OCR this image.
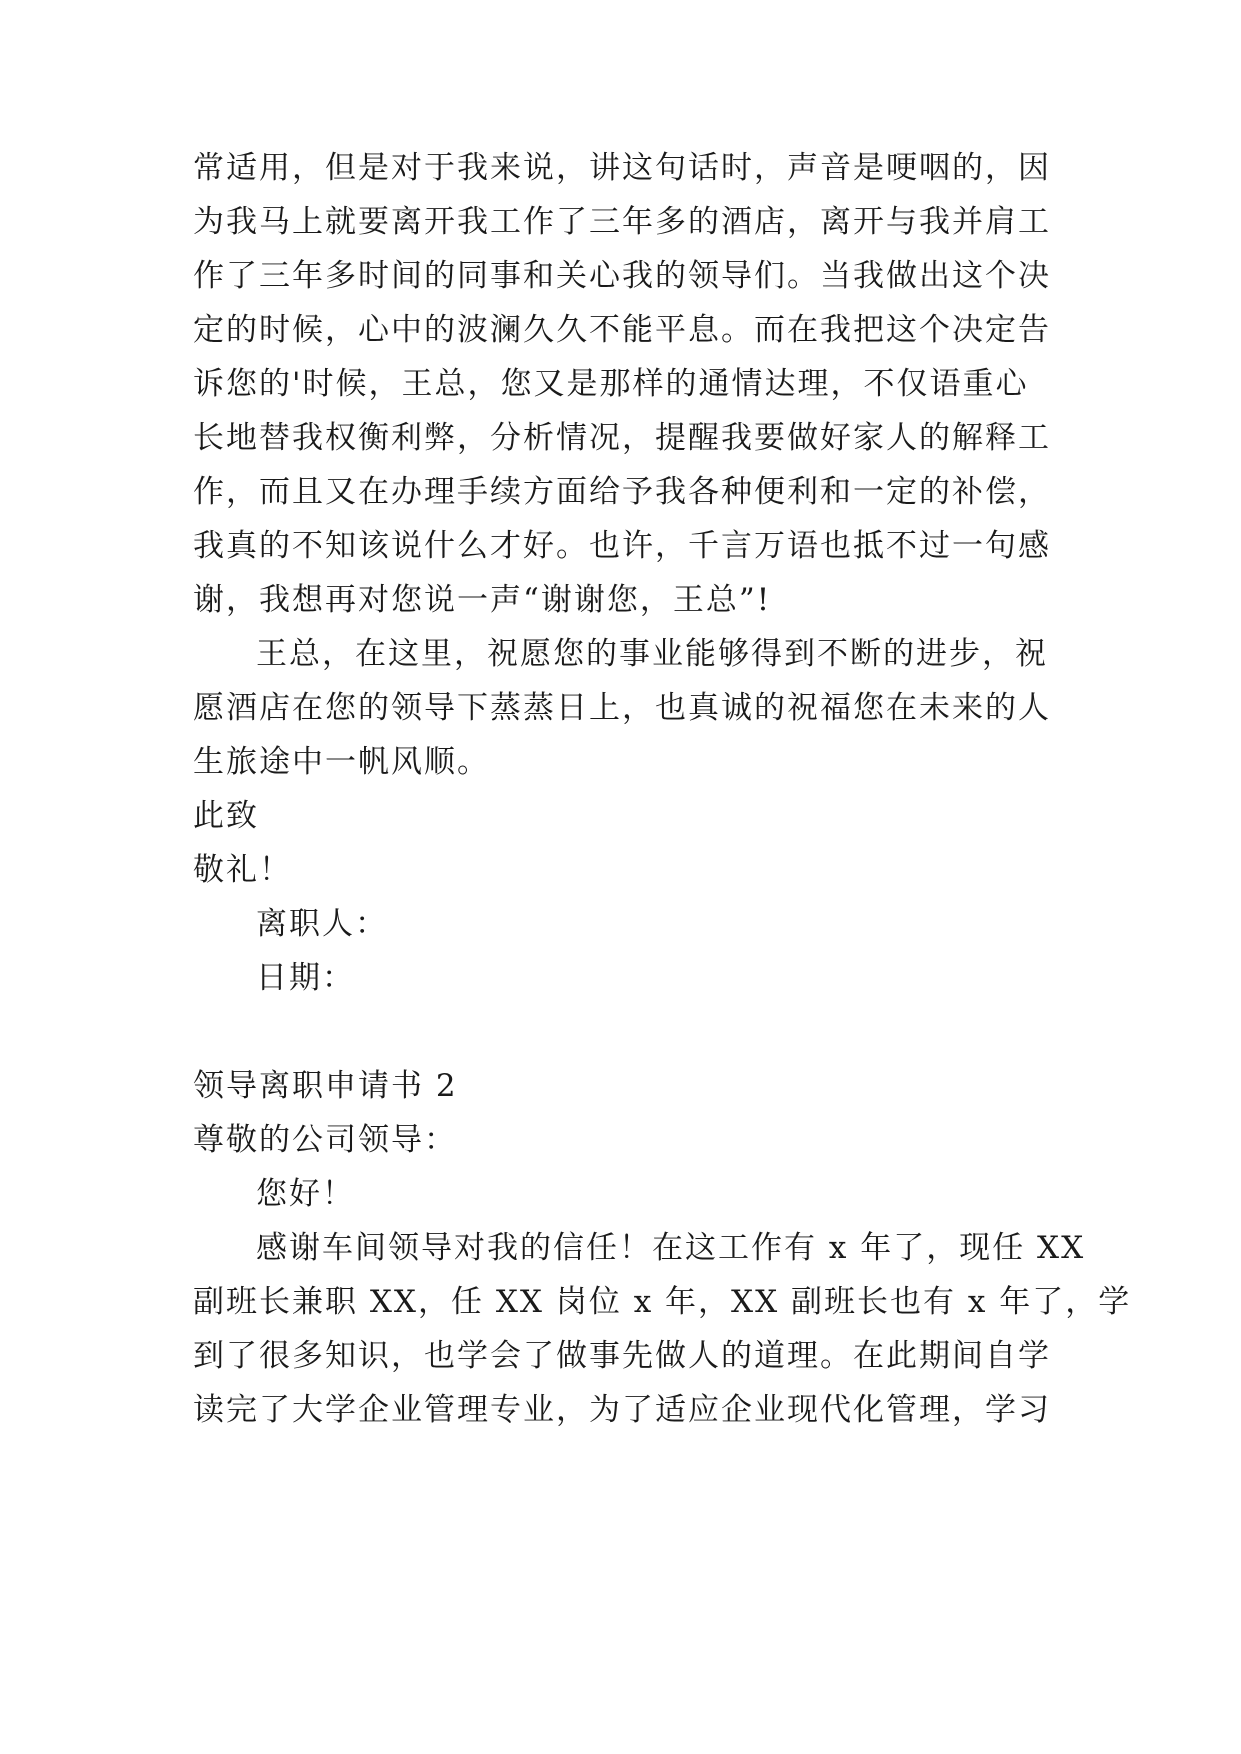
常适用，但是对于我来说，讲这句话时，声音是哽咽的，因
为我马上就要离开我工作了三年多的酒店，离开与我并肩工
作了三年多时间的同事和关心我的领导们。当我做出这个决
定的时候，心中的波澜久久不能平息。而在我把这个决定告
诉您的'时候，王总，您又是那样的通情达理，不仅语重心
长地替我权衡利弊，分析情况，提醒我要做好家人的解释工
作，而且又在办理手续方面给予我各种便利和一定的补偿，
我真的不知该说什么才好。也许，千言万语也抵不过一句感
谢，我想再对您说一声“谢谢您，王总”!
王总，在这里，祝愿您的事业能够得到不断的进步，祝
愿酒店在您的领导下蒸蒸日上，也真诚的祝福您在未来的人
生旅途中一帆风顺。
此致
敬礼！
离职人：
日期：
领导离职申请书 2
尊敬的公司领导：
您好！
感谢车间领导对我的信任！在这工作有 x 年了，现任 XX
副班长兼职 XX，任 XX 岗位 x 年，XX 副班长也有 x 年了，学
到了很多知识，也学会了做事先做人的道理。在此期间自学
读完了大学企业管理专业，为了适应企业现代化管理，学习
